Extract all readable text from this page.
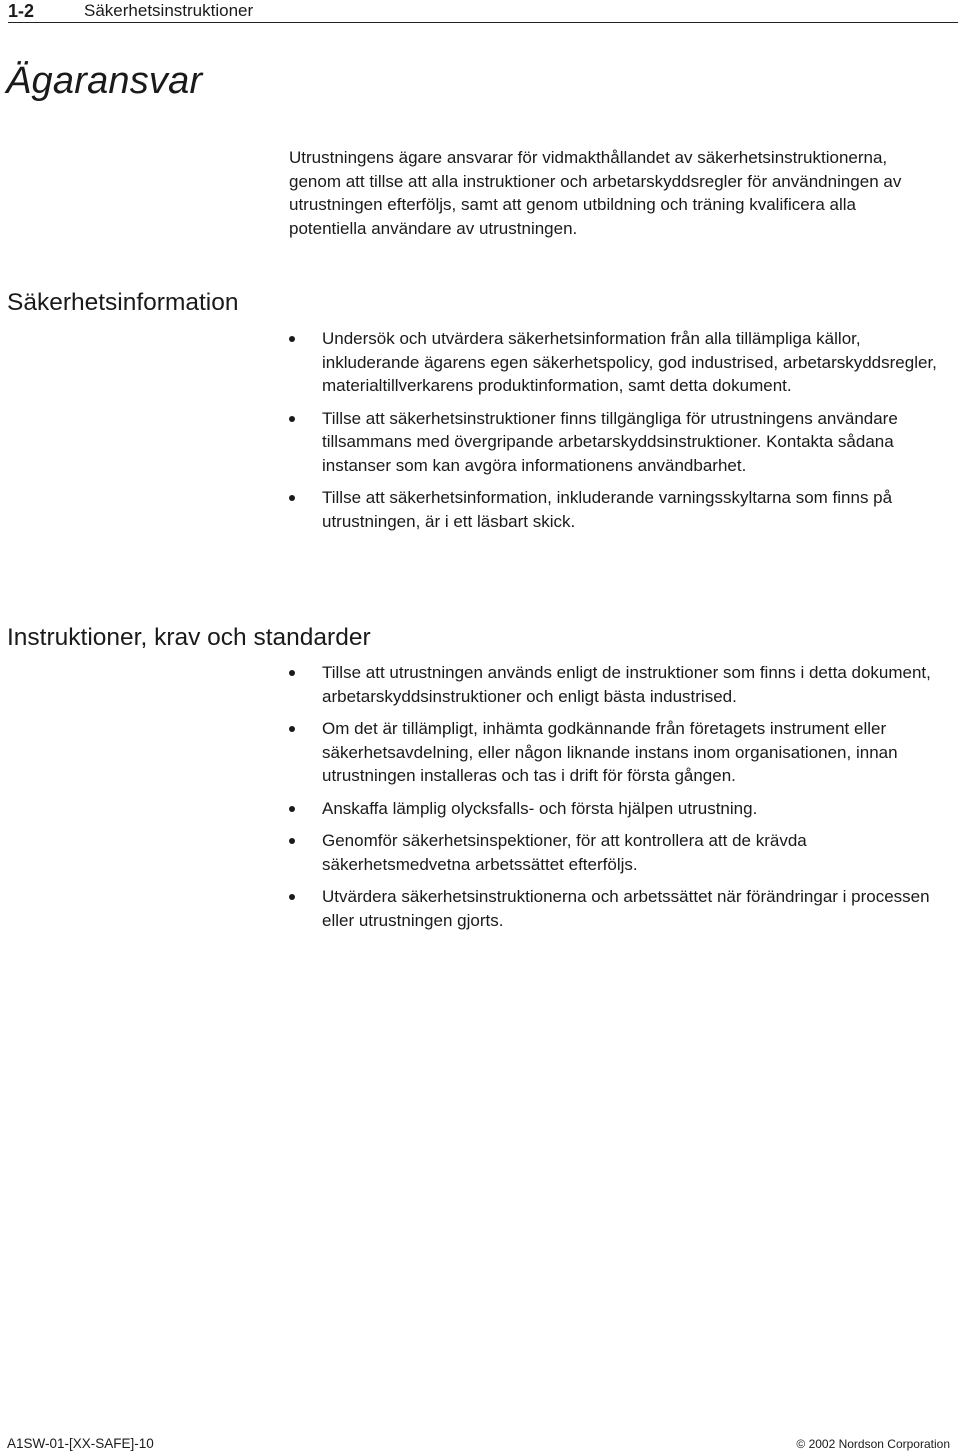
1-2	Säkerhetsinstruktioner
Ägaransvar

Utrustningens ägare ansvarar för vidmakthållandet av säkerhetsinstruktionerna, genom att tillse att alla instruktioner och arbetarskyddsregler för användningen av utrustningen efterföljs, samt att genom utbildning och träning kvalificera alla potentiella användare av utrustningen.

Säkerhetsinformation
Undersök och utvärdera säkerhetsinformation från alla tillämpliga källor, inkluderande ägarens egen säkerhetspolicy, god industrised, arbetarskyddsregler, materialtillverkarens produktinformation, samt detta dokument.
Tillse att säkerhetsinstruktioner finns tillgängliga för utrustningens användare tillsammans med övergripande arbetarskyddsinstruktioner. Kontakta sådana instanser som kan avgöra informationens användbarhet.
Tillse att säkerhetsinformation, inkluderande varningsskyltarna som finns på utrustningen, är i ett läsbart skick.
Instruktioner, krav och standarder
Tillse att utrustningen används enligt de instruktioner som finns i detta dokument, arbetarskyddsinstruktioner och enligt bästa industrised.
Om det är tillämpligt, inhämta godkännande från företagets instrument eller säkerhetsavdelning, eller någon liknande instans inom organisationen, innan utrustningen installeras och tas i drift för första gången.
Anskaffa lämplig olycksfalls- och första hjälpen utrustning.
Genomför säkerhetsinspektioner, för att kontrollera att de krävda säkerhetsmedvetna arbetssättet efterföljs.
Utvärdera säkerhetsinstruktionerna och arbetssättet när förändringar i processen eller utrustningen gjorts.
A1SW-01-[XX-SAFE]-10	© 2002 Nordson Corporation
